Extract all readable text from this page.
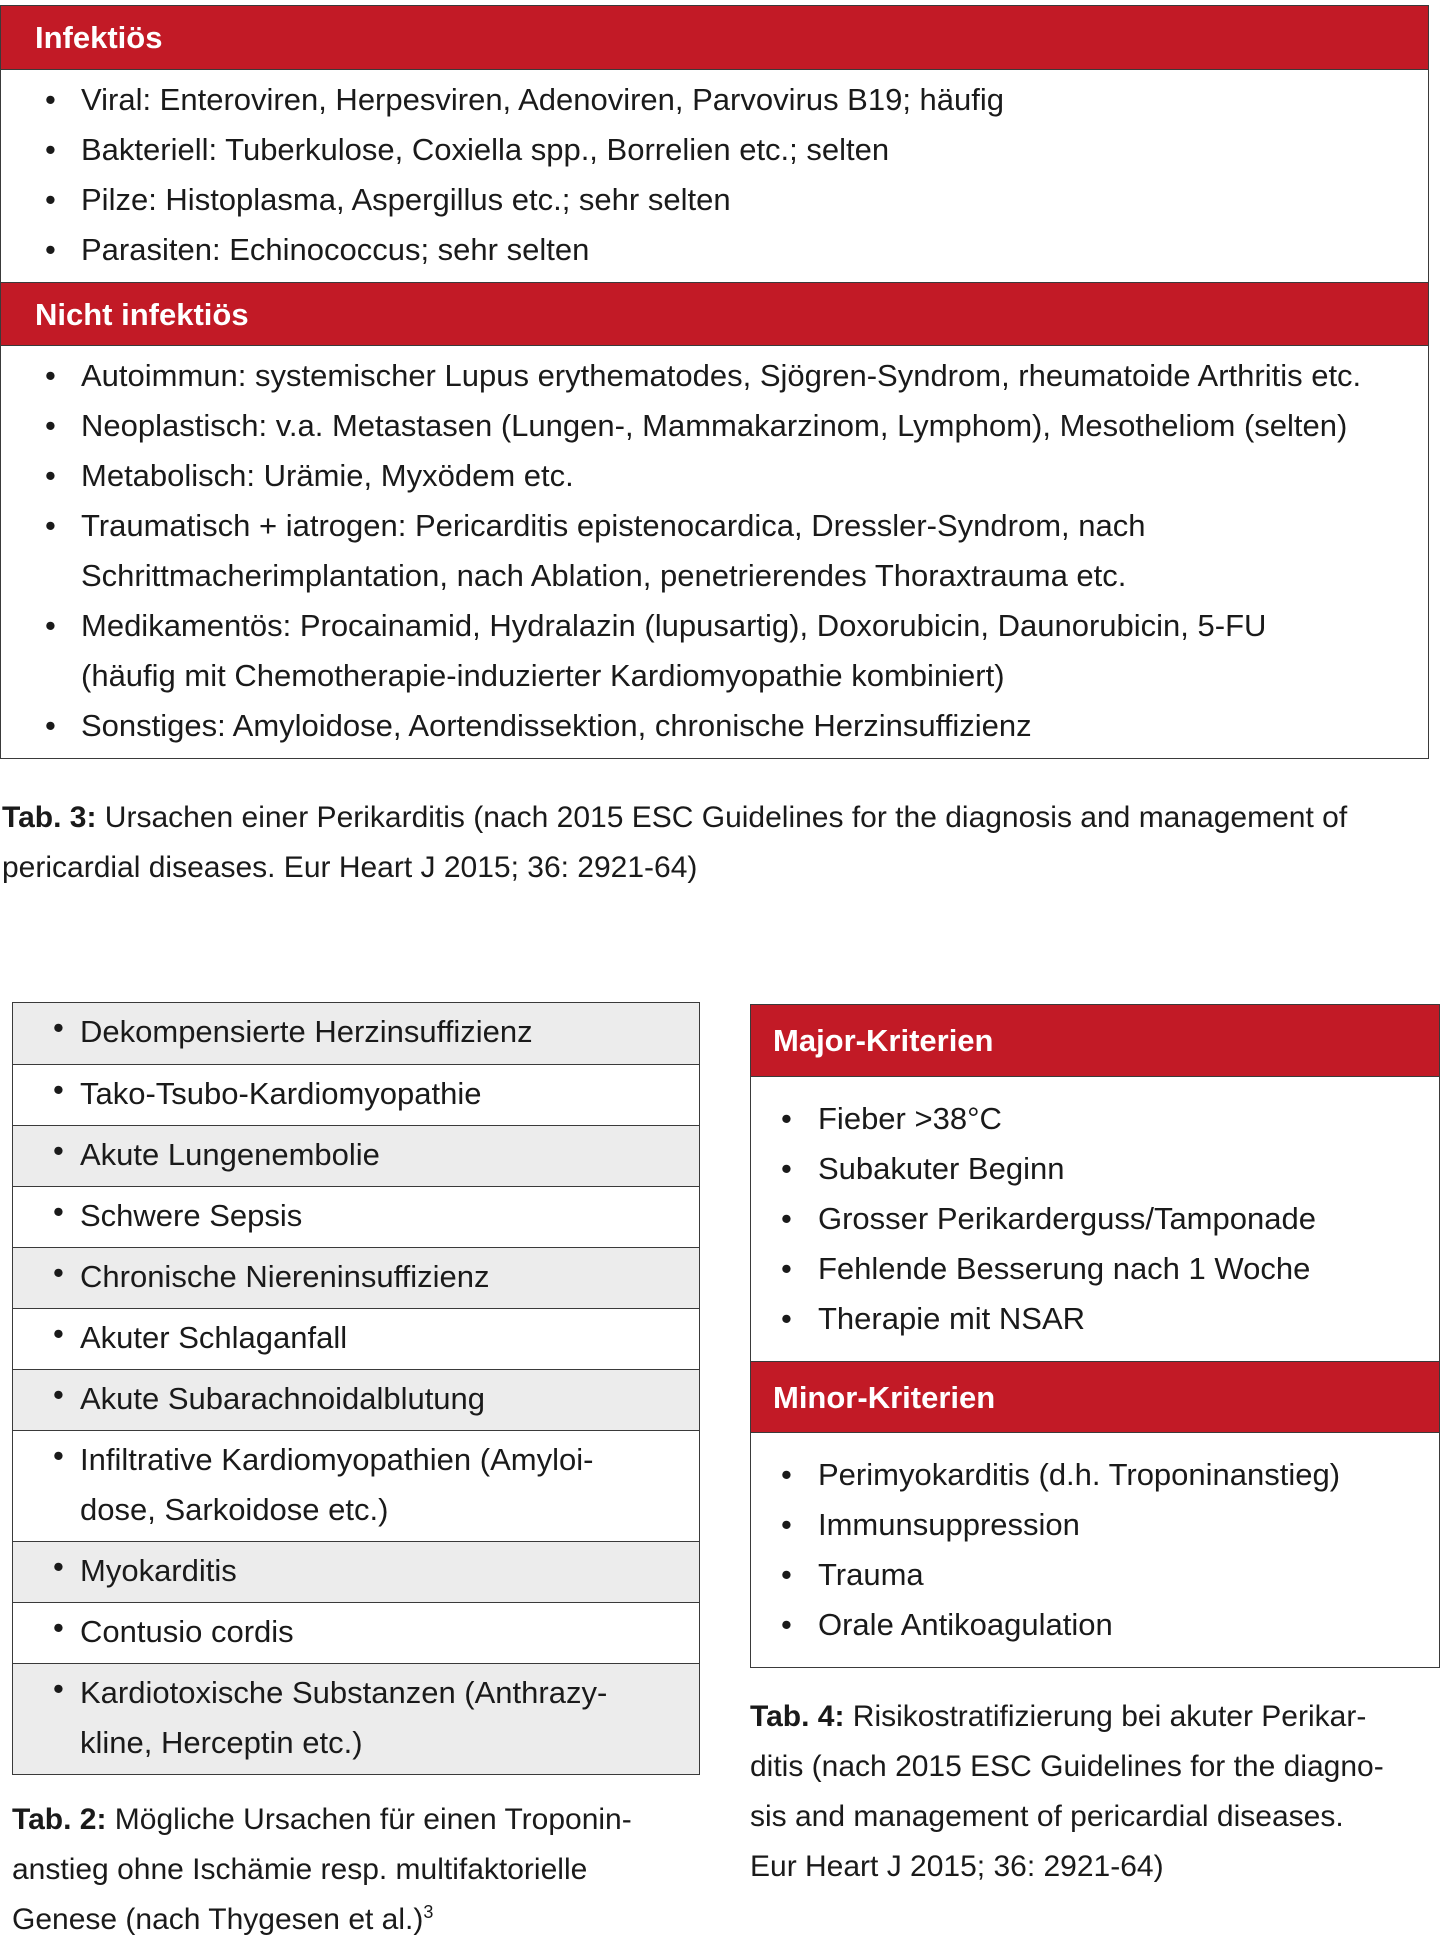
Infektiös
• Viral: Enteroviren, Herpesviren, Adenoviren, Parvovirus B19; häufig
• Bakteriell: Tuberkulose, Coxiella spp., Borrelien etc.; selten
• Pilze: Histoplasma, Aspergillus etc.; sehr selten
• Parasiten: Echinococcus; sehr selten
Nicht infektiös
• Autoimmun: systemischer Lupus erythematodes, Sjögren-Syndrom, rheumatoide Arthritis etc.
• Neoplastisch: v.a. Metastasen (Lungen-, Mammakarzinom, Lymphom), Mesotheliom (selten)
• Metabolisch: Urämie, Myxödem etc.
• Traumatisch + iatrogen: Pericarditis epistenocardica, Dressler-Syndrom, nach
Schrittmacherimplantation, nach Ablation, penetrierendes Thoraxtrauma etc.
• Medikamentös: Procainamid, Hydralazin (lupusartig), Doxorubicin, Daunorubicin, 5-FU
(häufig mit Chemotherapie-induzierter Kardiomyopathie kombiniert)
• Sonstiges: Amyloidose, Aortendissektion, chronische Herzinsuffizienz
Tab. 3: Ursachen einer Perikarditis (nach 2015 ESC Guidelines for the diagnosis and management of
pericardial diseases. Eur Heart J 2015; 36: 2921-64)
• Dekompensierte Herzinsuffizienz
• Tako-Tsubo-Kardiomyopathie
• Akute Lungenembolie
• Schwere Sepsis
• Chronische Niereninsuffizienz
• Akuter Schlaganfall
• Akute Subarachnoidalblutung
• Infiltrative Kardiomyopathien (Amyloi-
dose, Sarkoidose etc.)
• Myokarditis
• Contusio cordis
• Kardiotoxische Substanzen (Anthrazy-
kline, Herceptin etc.)
Tab. 2: Mögliche Ursachen für einen Troponin-
anstieg ohne Ischämie resp. multifaktorielle
Genese (nach Thygesen et al.)$^3$
Major-Kriterien
• Fieber >38°C
• Subakuter Beginn
• Grosser Perikarderguss/Tamponade
• Fehlende Besserung nach 1 Woche
• Therapie mit NSAR
Minor-Kriterien
• Perimyokarditis (d.h. Troponinanstieg)
• Immunsuppression
• Trauma
• Orale Antikoagulation
Tab. 4: Risikostratifizierung bei akuter Perikar-
ditis (nach 2015 ESC Guidelines for the diagno-
sis and management of pericardial diseases.
Eur Heart J 2015; 36: 2921-64)
